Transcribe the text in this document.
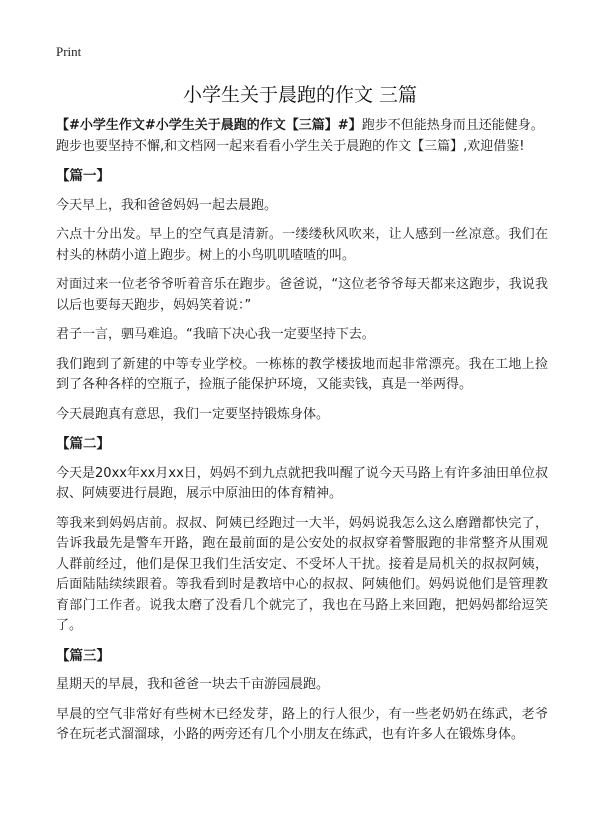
Print
小学生关于晨跑的作文 三篇

【#小学生作文#小学生关于晨跑的作文【三篇】#】跑步不但能热身而且还能健身。跑步也要坚持不懈,和文档网一起来看看小学生关于晨跑的作文【三篇】,欢迎借鉴!

【篇一】

今天早上，我和爸爸妈妈一起去晨跑。

六点十分出发。早上的空气真是清新。一缕缕秋风吹来，让人感到一丝凉意。我们在村头的林荫小道上跑步。树上的小鸟叽叽喳喳的叫。

对面过来一位老爷爷听着音乐在跑步。爸爸说，“这位老爷爷每天都来这跑步，我说我以后也要每天跑步，妈妈笑着说：”

君子一言，驷马难追。“我暗下决心我一定要坚持下去。

我们跑到了新建的中等专业学校。一栋栋的教学楼拔地而起非常漂亮。我在工地上捡到了各种各样的空瓶子，捡瓶子能保护环境，又能卖钱，真是一举两得。

今天晨跑真有意思，我们一定要坚持锻炼身体。

【篇二】

今天是20xx年xx月xx日，妈妈不到九点就把我叫醒了说今天马路上有许多油田单位叔叔、阿姨要进行晨跑，展示中原油田的体育精神。

等我来到妈妈店前。叔叔、阿姨已经跑过一大半，妈妈说我怎么这么磨蹭都快完了，告诉我最先是警车开路，跑在最前面的是公安处的叔叔穿着警服跑的非常整齐从围观人群前经过，他们是保卫我们生活安定、不受坏人干扰。接着是局机关的叔叔阿姨，后面陆陆续续跟着。等我看到时是教培中心的叔叔、阿姨他们。妈妈说他们是管理教育部门工作者。说我太磨了没看几个就完了，我也在马路上来回跑，把妈妈都给逗笑了。

【篇三】

星期天的早晨，我和爸爸一块去千亩游园晨跑。

早晨的空气非常好有些树木已经发芽，路上的行人很少，有一些老奶奶在练武，老爷爷在玩老式溜溜球，小路的两旁还有几个小朋友在练武，也有许多人在锻炼身体。
